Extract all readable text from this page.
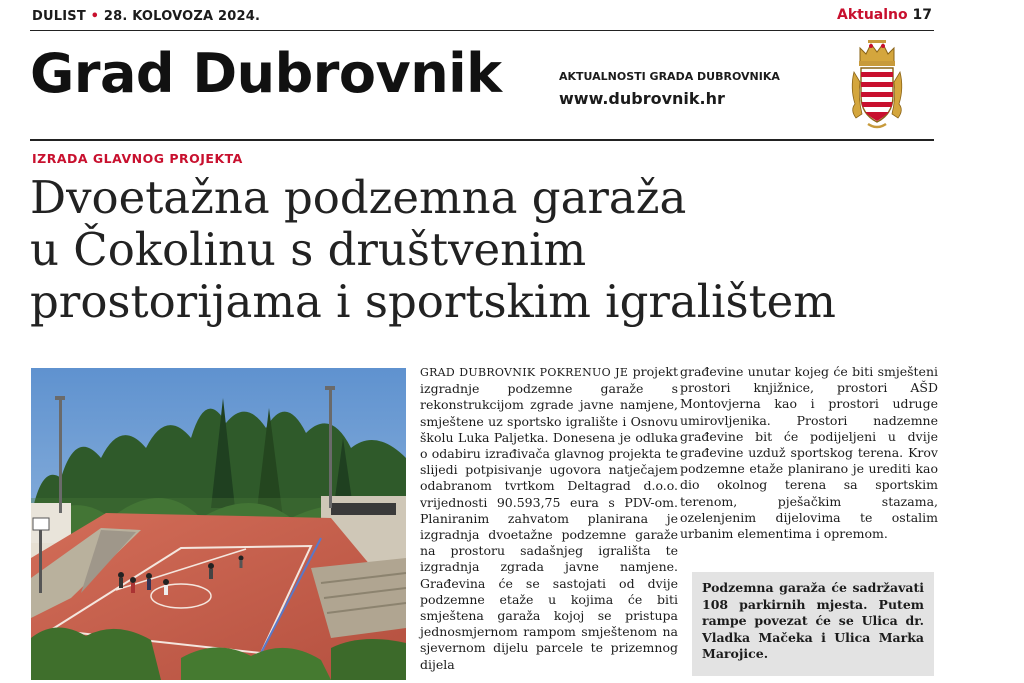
DULIST • 28. KOLOVOZA 2024.	Aktualno 17
Grad Dubrovnik	AKTUALNOSTI GRADA DUBROVNIKA
www.dubrovnik.hr
IZRADA GLAVNOG PROJEKTA
Dvoetažna podzemna garaža
u Čokolinu s društvenim
prostorijama i sportskim igralištem

GRAD DUBROVNIK POKRENUO JE projekt izgradnje podzemne garaže s rekonstrukcijom zgrade javne namjene, smještene uz sportsko igralište i Osnovu školu Luka Paljetka. Donesena je odluka o odabiru izrađivača glavnog projekta te slijedi potpisivanje ugovora natječajem odabranom tvrtkom Deltagrad d.o.o. vrijednosti 90.593,75 eura s PDV-om. Planiranim zahvatom planirana je izgradnja dvoetažne podzemne garaže na prostoru sadašnjeg igrališta te izgradnja zgrada javne namjene. Građevina će se sastojati od dvije podzemne etaže u kojima će biti smještena garaža kojoj se pristupa jednosmjernom rampom smještenom na sjevernom dijelu parcele te prizemnog dijela

građevine unutar kojeg će biti smješteni prostori knjižnice, prostori AŠD Montovjerna kao i prostori udruge umirovljenika. Prostori nadzemne građevine bit će podijeljeni u dvije građevine uzduž sportskog terena. Krov podzemne etaže planirano je urediti kao dio okolnog terena sa sportskim terenom, pješačkim stazama, ozelenjenim dijelovima te ostalim urbanim elementima i opremom.

Podzemna garaža će sadržavati 108 parkirnih mjesta. Putem rampe povezat će se Ulica dr. Vladka Mačeka i Ulica Marka Marojice.
